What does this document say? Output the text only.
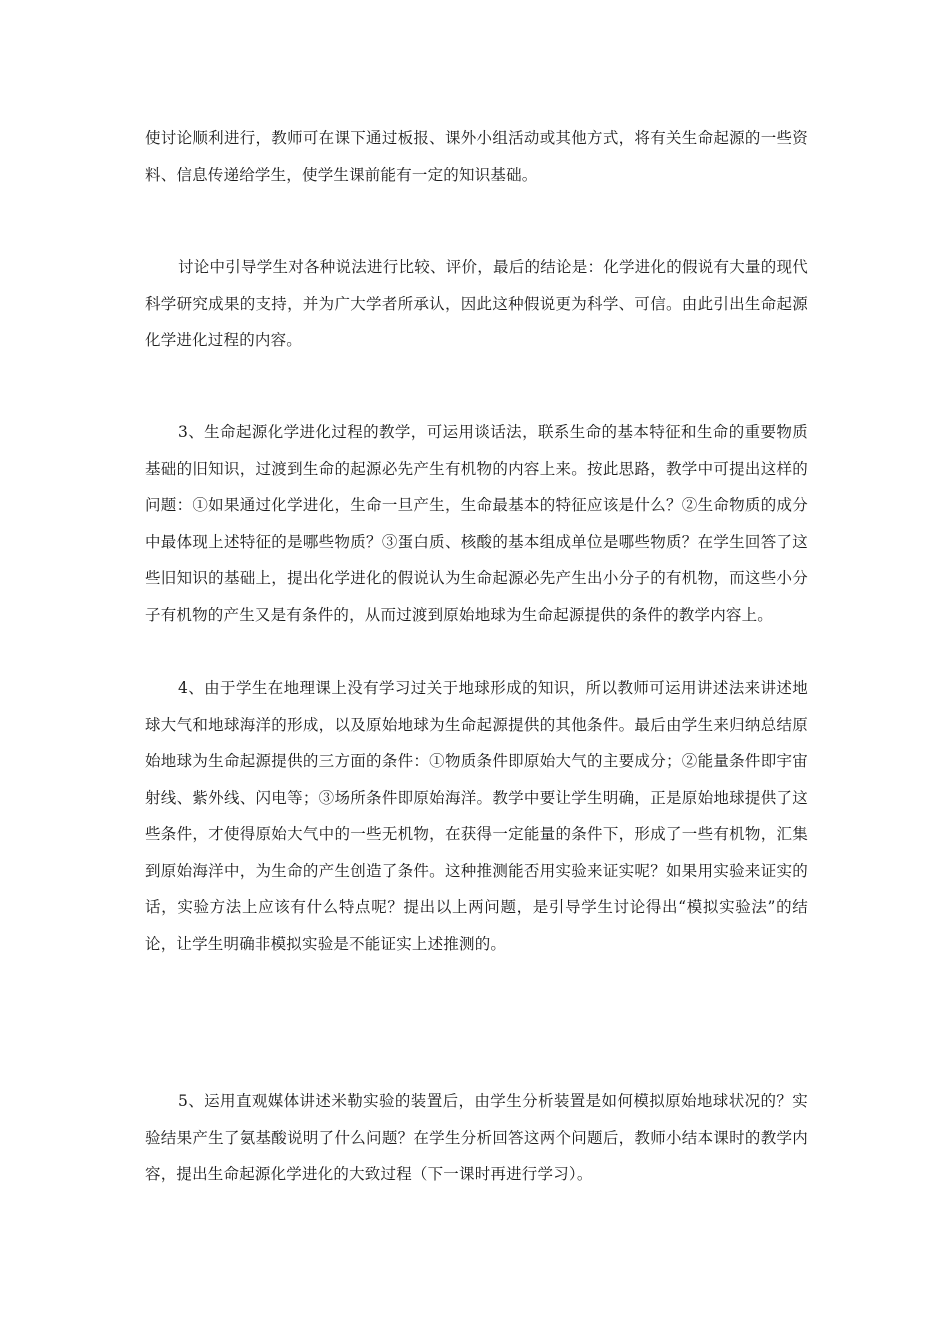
使讨论顺利进行，教师可在课下通过板报、课外小组活动或其他方式，将有关生命起源的一些资料、信息传递给学生，使学生课前能有一定的知识基础。

讨论中引导学生对各种说法进行比较、评价，最后的结论是：化学进化的假说有大量的现代科学研究成果的支持，并为广大学者所承认，因此这种假说更为科学、可信。由此引出生命起源化学进化过程的内容。

3、生命起源化学进化过程的教学，可运用谈话法，联系生命的基本特征和生命的重要物质基础的旧知识，过渡到生命的起源必先产生有机物的内容上来。按此思路，教学中可提出这样的问题：①如果通过化学进化，生命一旦产生，生命最基本的特征应该是什么？②生命物质的成分中最体现上述特征的是哪些物质？③蛋白质、核酸的基本组成单位是哪些物质？在学生回答了这些旧知识的基础上，提出化学进化的假说认为生命起源必先产生出小分子的有机物，而这些小分子有机物的产生又是有条件的，从而过渡到原始地球为生命起源提供的条件的教学内容上。

4、由于学生在地理课上没有学习过关于地球形成的知识，所以教师可运用讲述法来讲述地球大气和地球海洋的形成，以及原始地球为生命起源提供的其他条件。最后由学生来归纳总结原始地球为生命起源提供的三方面的条件：①物质条件即原始大气的主要成分；②能量条件即宇宙射线、紫外线、闪电等；③场所条件即原始海洋。教学中要让学生明确，正是原始地球提供了这些条件，才使得原始大气中的一些无机物，在获得一定能量的条件下，形成了一些有机物，汇集到原始海洋中，为生命的产生创造了条件。这种推测能否用实验来证实呢？如果用实验来证实的话，实验方法上应该有什么特点呢？提出以上两问题，是引导学生讨论得出“模拟实验法”的结论，让学生明确非模拟实验是不能证实上述推测的。

5、运用直观媒体讲述米勒实验的装置后，由学生分析装置是如何模拟原始地球状况的？实验结果产生了氨基酸说明了什么问题？在学生分析回答这两个问题后，教师小结本课时的教学内容，提出生命起源化学进化的大致过程（下一课时再进行学习）。
